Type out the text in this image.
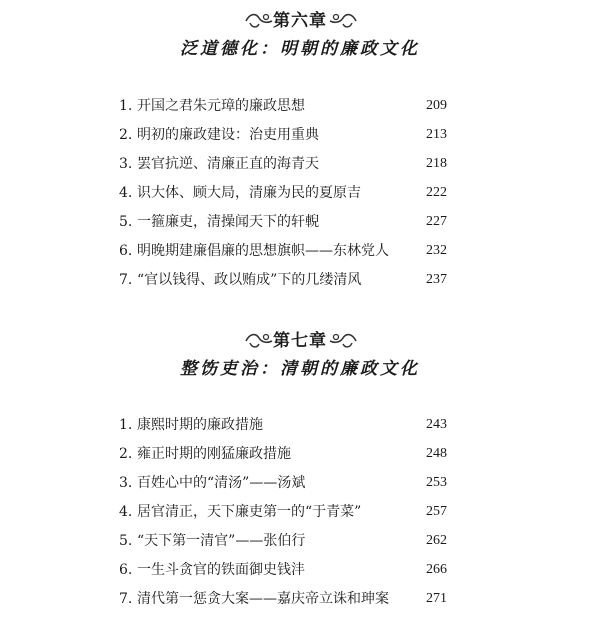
第六章
泛道德化：明朝的廉政文化
1. 开国之君朱元璋的廉政思想	209
2. 明初的廉政建设：治吏用重典	213
3. 罢官抗逆、清廉正直的海青天	218
4. 识大体、顾大局，清廉为民的夏原吉	222
5. 一箍廉吏，清操闻天下的轩輗	227
6. 明晚期建廉倡廉的思想旗帜——东林党人	232
7. “官以钱得、政以贿成”下的几缕清风	237
第七章
整饬吏治：清朝的廉政文化
1. 康熙时期的廉政措施	243
2. 雍正时期的刚猛廉政措施	248
3. 百姓心中的“清汤”——汤斌	253
4. 居官清正，天下廉吏第一的“于青菜”	257
5. “天下第一清官”——张伯行	262
6. 一生斗贪官的铁面御史钱沣	266
7. 清代第一惩贪大案——嘉庆帝立诛和珅案	271
